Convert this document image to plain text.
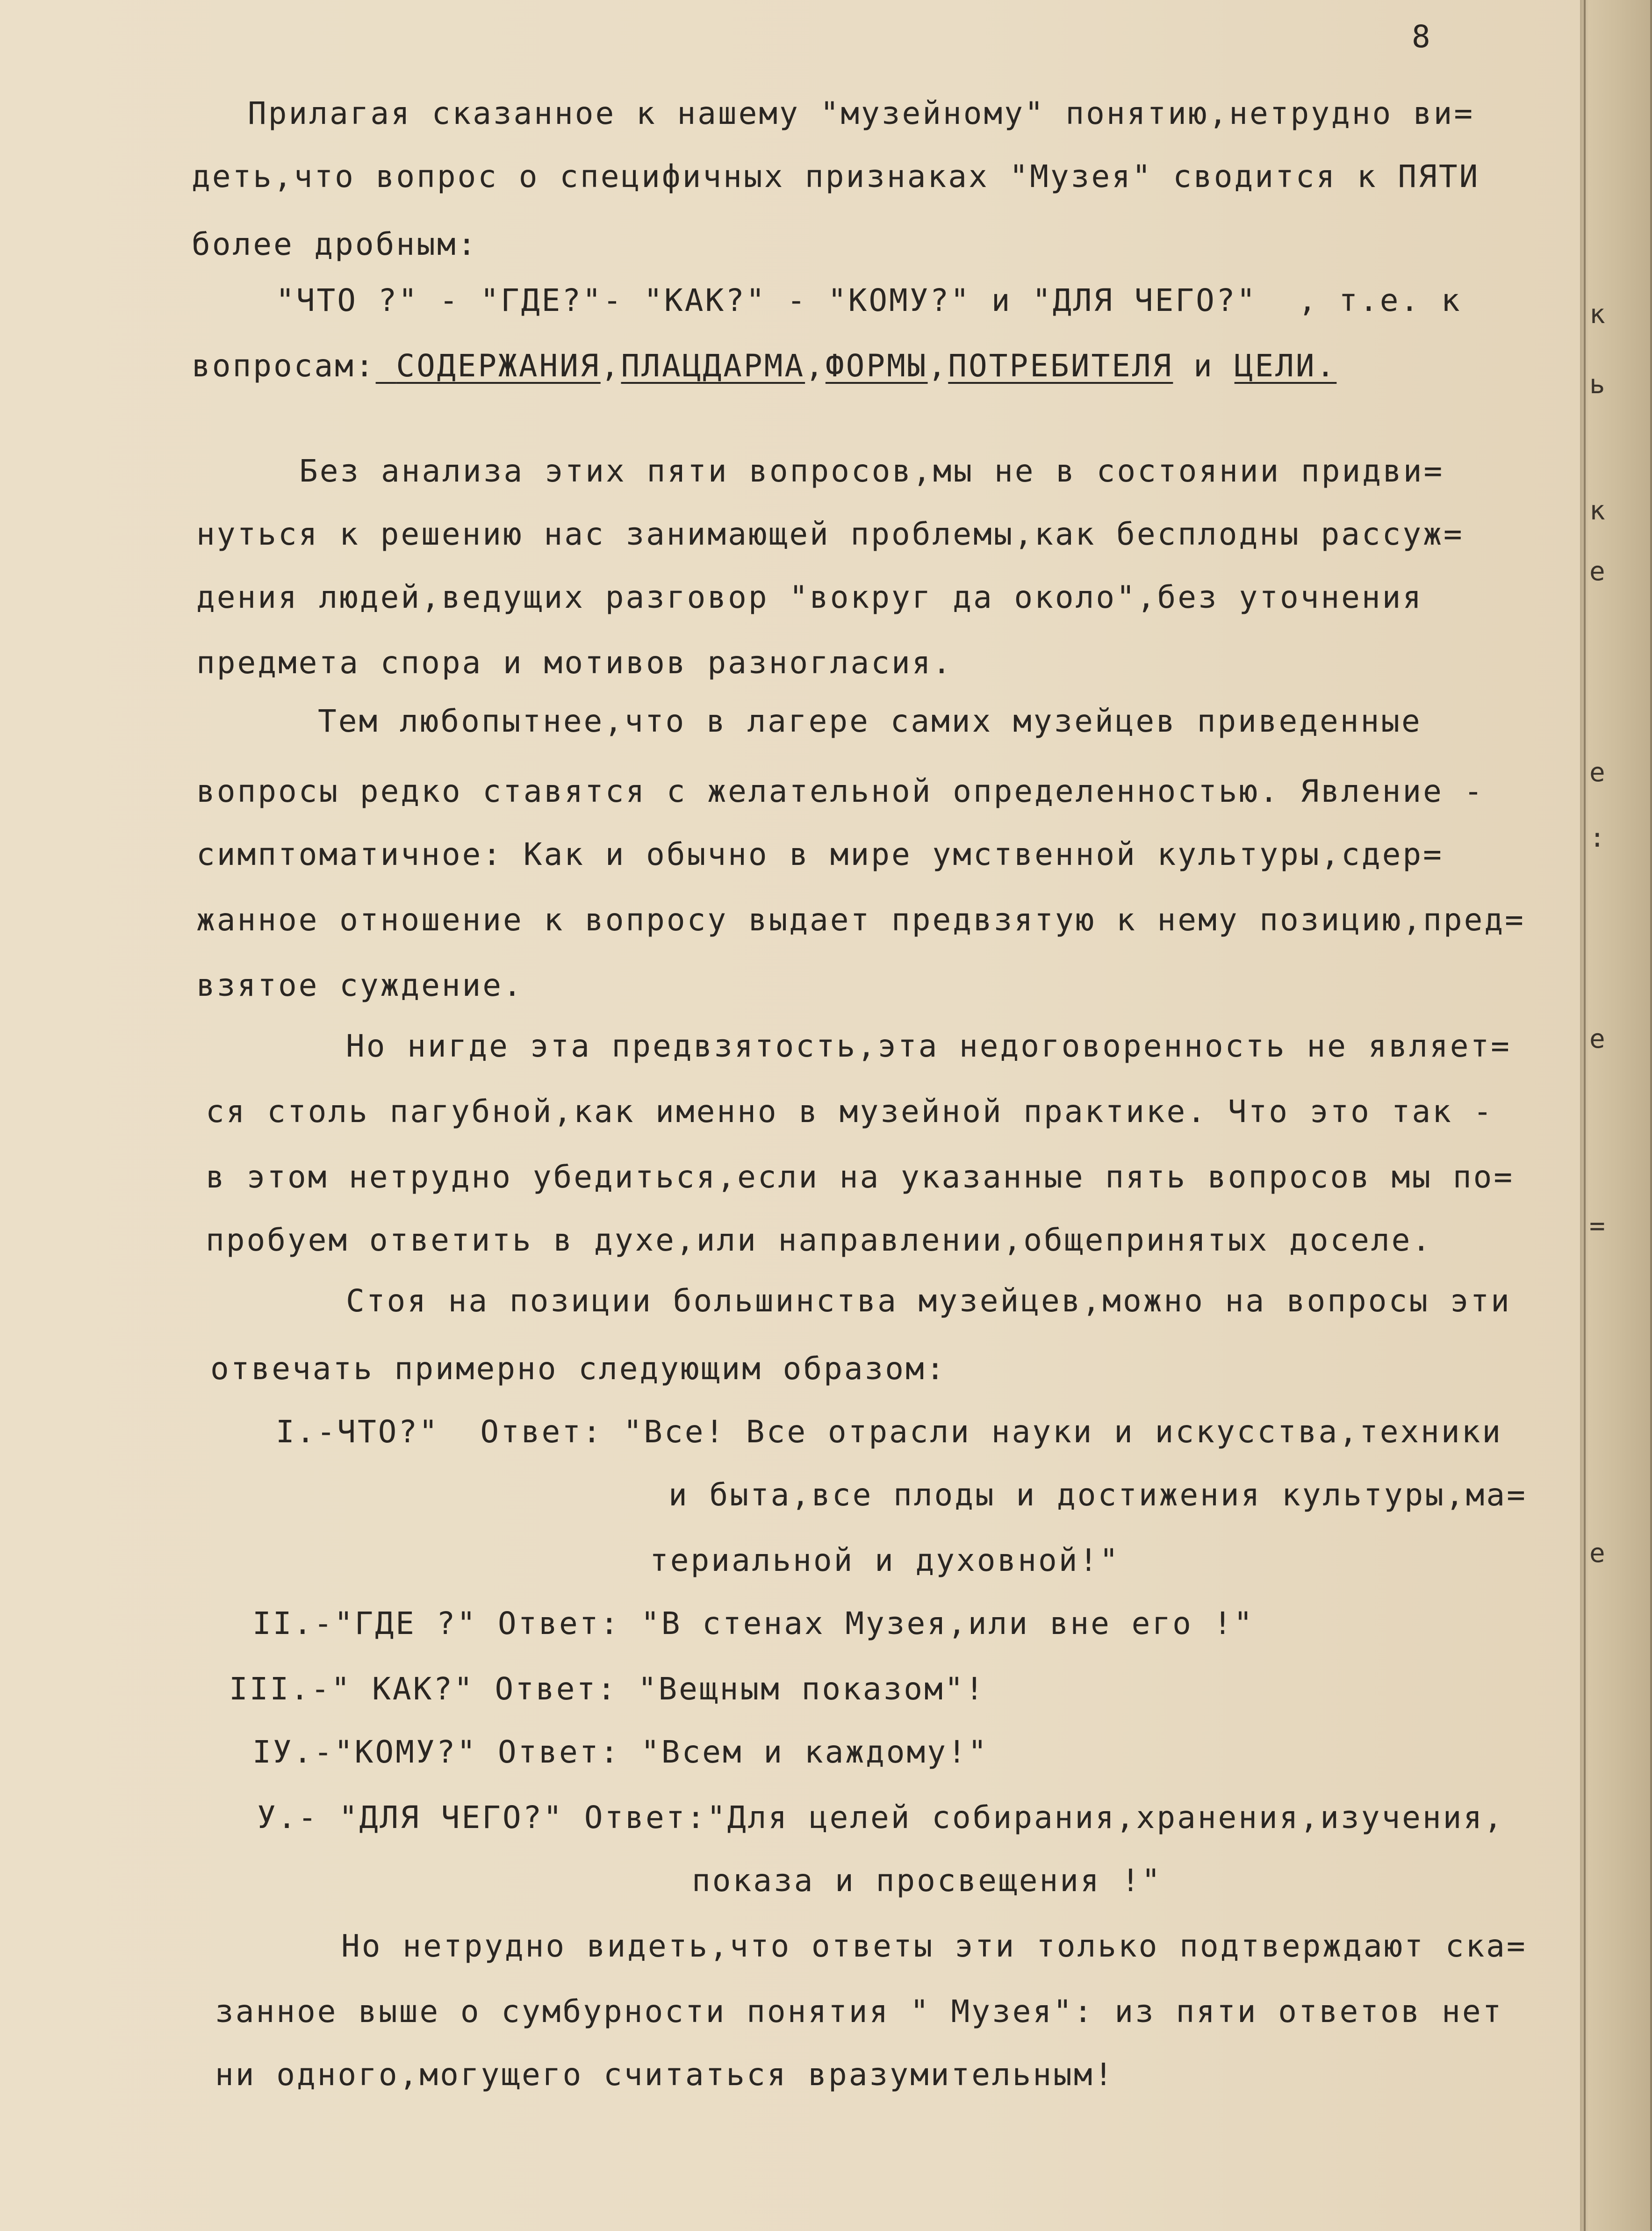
8
Прилагая сказанное к нашему "музейному" понятию,нетрудно ви=
деть,что вопрос о специфичных признаках "Музея" сводится к ПЯТИ
более дробным:
"ЧТО ?" - "ГДЕ?"- "КАК?" - "КОМУ?" и "ДЛЯ ЧЕГО?"  , т.е. к
вопросам: СОДЕРЖАНИЯ,ПЛАЦДАРМА,ФОРМЫ,ПОТРЕБИТЕЛЯ и ЦЕЛИ.
Без анализа этих пяти вопросов,мы не в состоянии придви=
нуться к решению нас занимающей проблемы,как бесплодны рассуж=
дения людей,ведущих разговор "вокруг да около",без уточнения
предмета спора и мотивов разногласия.
Тем любопытнее,что в лагере самих музейцев приведенные
вопросы редко ставятся с желательной определенностью. Явление -
симптоматичное: Как и обычно в мире умственной культуры,сдер=
жанное отношение к вопросу выдает предвзятую к нему позицию,пред=
взятое суждение.
Но нигде эта предвзятость,эта недоговоренность не являет=
ся столь пагубной,как именно в музейной практике. Что это так -
в этом нетрудно убедиться,если на указанные пять вопросов мы по=
пробуем ответить в духе,или направлении,общепринятых доселе.
Стоя на позиции большинства музейцев,можно на вопросы эти
отвечать примерно следующим образом:
I.-ЧТО?"  Ответ: "Все! Все отрасли науки и искусства,техники
и быта,все плоды и достижения культуры,ма=
териальной и духовной!"
II.-"ГДЕ ?" Ответ: "В стенах Музея,или вне его !"
III.-" КАК?" Ответ: "Вещным показом"!
IУ.-"КОМУ?" Ответ: "Всем и каждому!"
У.- "ДЛЯ ЧЕГО?" Ответ:"Для целей собирания,хранения,изучения,
показа и просвещения !"
Но нетрудно видеть,что ответы эти только подтверждают ска=
занное выше о сумбурности понятия " Музея": из пяти ответов нет
ни одного,могущего считаться вразумительным!
к
ь
к
е
е
:
е
=
е
